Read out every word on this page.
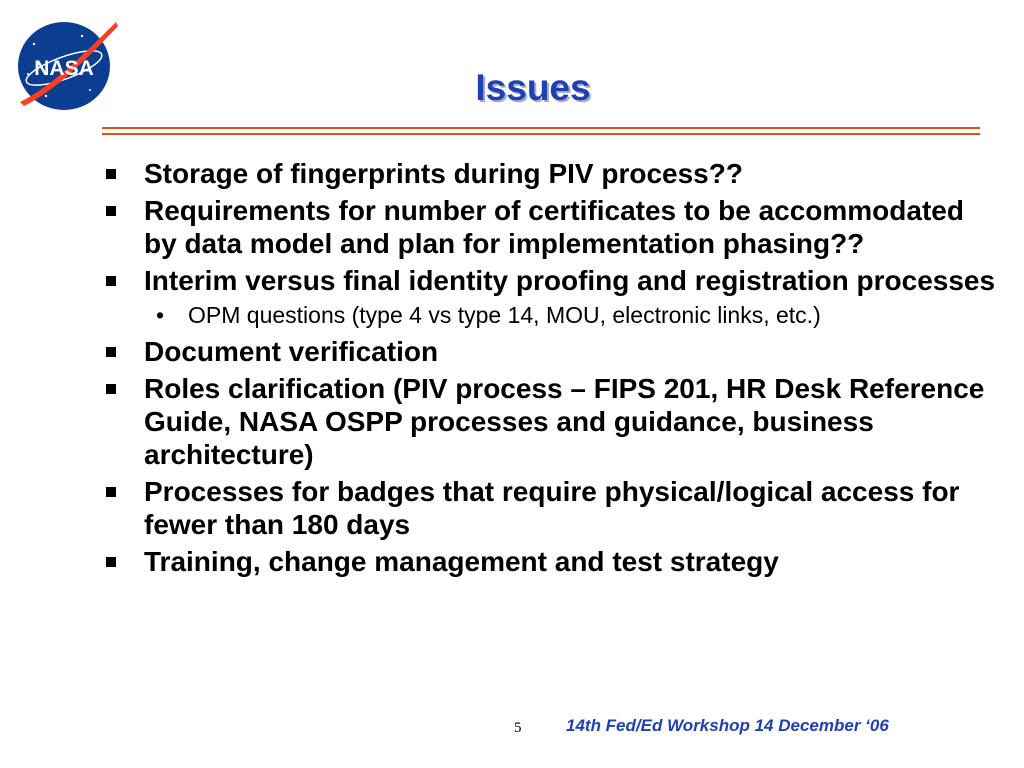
NASA	Issues
Storage of fingerprints during PIV process??
Requirements for number of certificates to be accommodated by data model and plan for implementation phasing??
Interim versus final identity proofing and registration processes
• OPM questions (type 4 vs type 14, MOU, electronic links, etc.)
Document verification
Roles clarification (PIV process – FIPS 201, HR Desk Reference Guide, NASA OSPP processes and guidance, business architecture)
Processes for badges that require physical/logical access for fewer than 180 days
Training, change management and test strategy
5	14th Fed/Ed Workshop 14 December ‘06
